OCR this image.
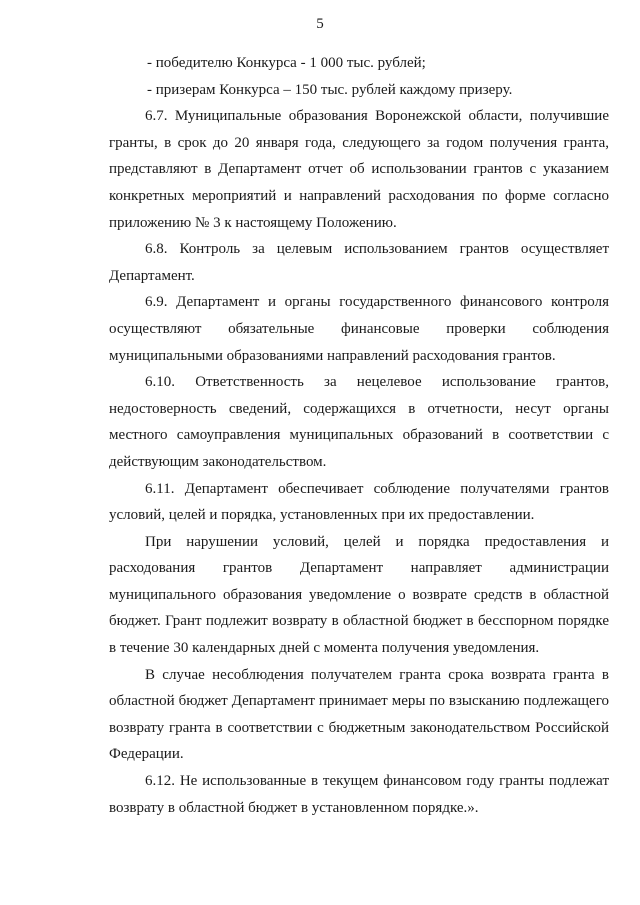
5

- победителю Конкурса - 1 000 тыс. рублей;

- призерам Конкурса – 150 тыс. рублей каждому призеру.

6.7. Муниципальные образования Воронежской области, получившие гранты, в срок до 20 января года, следующего за годом получения гранта, представляют в Департамент отчет об использовании грантов с указанием конкретных мероприятий и направлений расходования по форме согласно приложению № 3 к настоящему Положению.

6.8. Контроль за целевым использованием грантов осуществляет Департамент.

6.9. Департамент и органы государственного финансового контроля осуществляют обязательные финансовые проверки соблюдения муниципальными образованиями направлений расходования грантов.

6.10. Ответственность за нецелевое использование грантов, недостоверность сведений, содержащихся в отчетности, несут органы местного самоуправления муниципальных образований в соответствии с действующим законодательством.

6.11. Департамент обеспечивает соблюдение получателями грантов условий, целей и порядка, установленных при их предоставлении.

При нарушении условий, целей и порядка предоставления и расходования грантов Департамент направляет администрации муниципального образования уведомление о возврате средств в областной бюджет. Грант подлежит возврату в областной бюджет в бесспорном порядке в течение 30 календарных дней с момента получения уведомления.

В случае несоблюдения получателем гранта срока возврата гранта в областной бюджет Департамент принимает меры по взысканию подлежащего возврату гранта в соответствии с бюджетным законодательством Российской Федерации.

6.12. Не использованные в текущем финансовом году гранты подлежат возврату в областной бюджет в установленном порядке.».
